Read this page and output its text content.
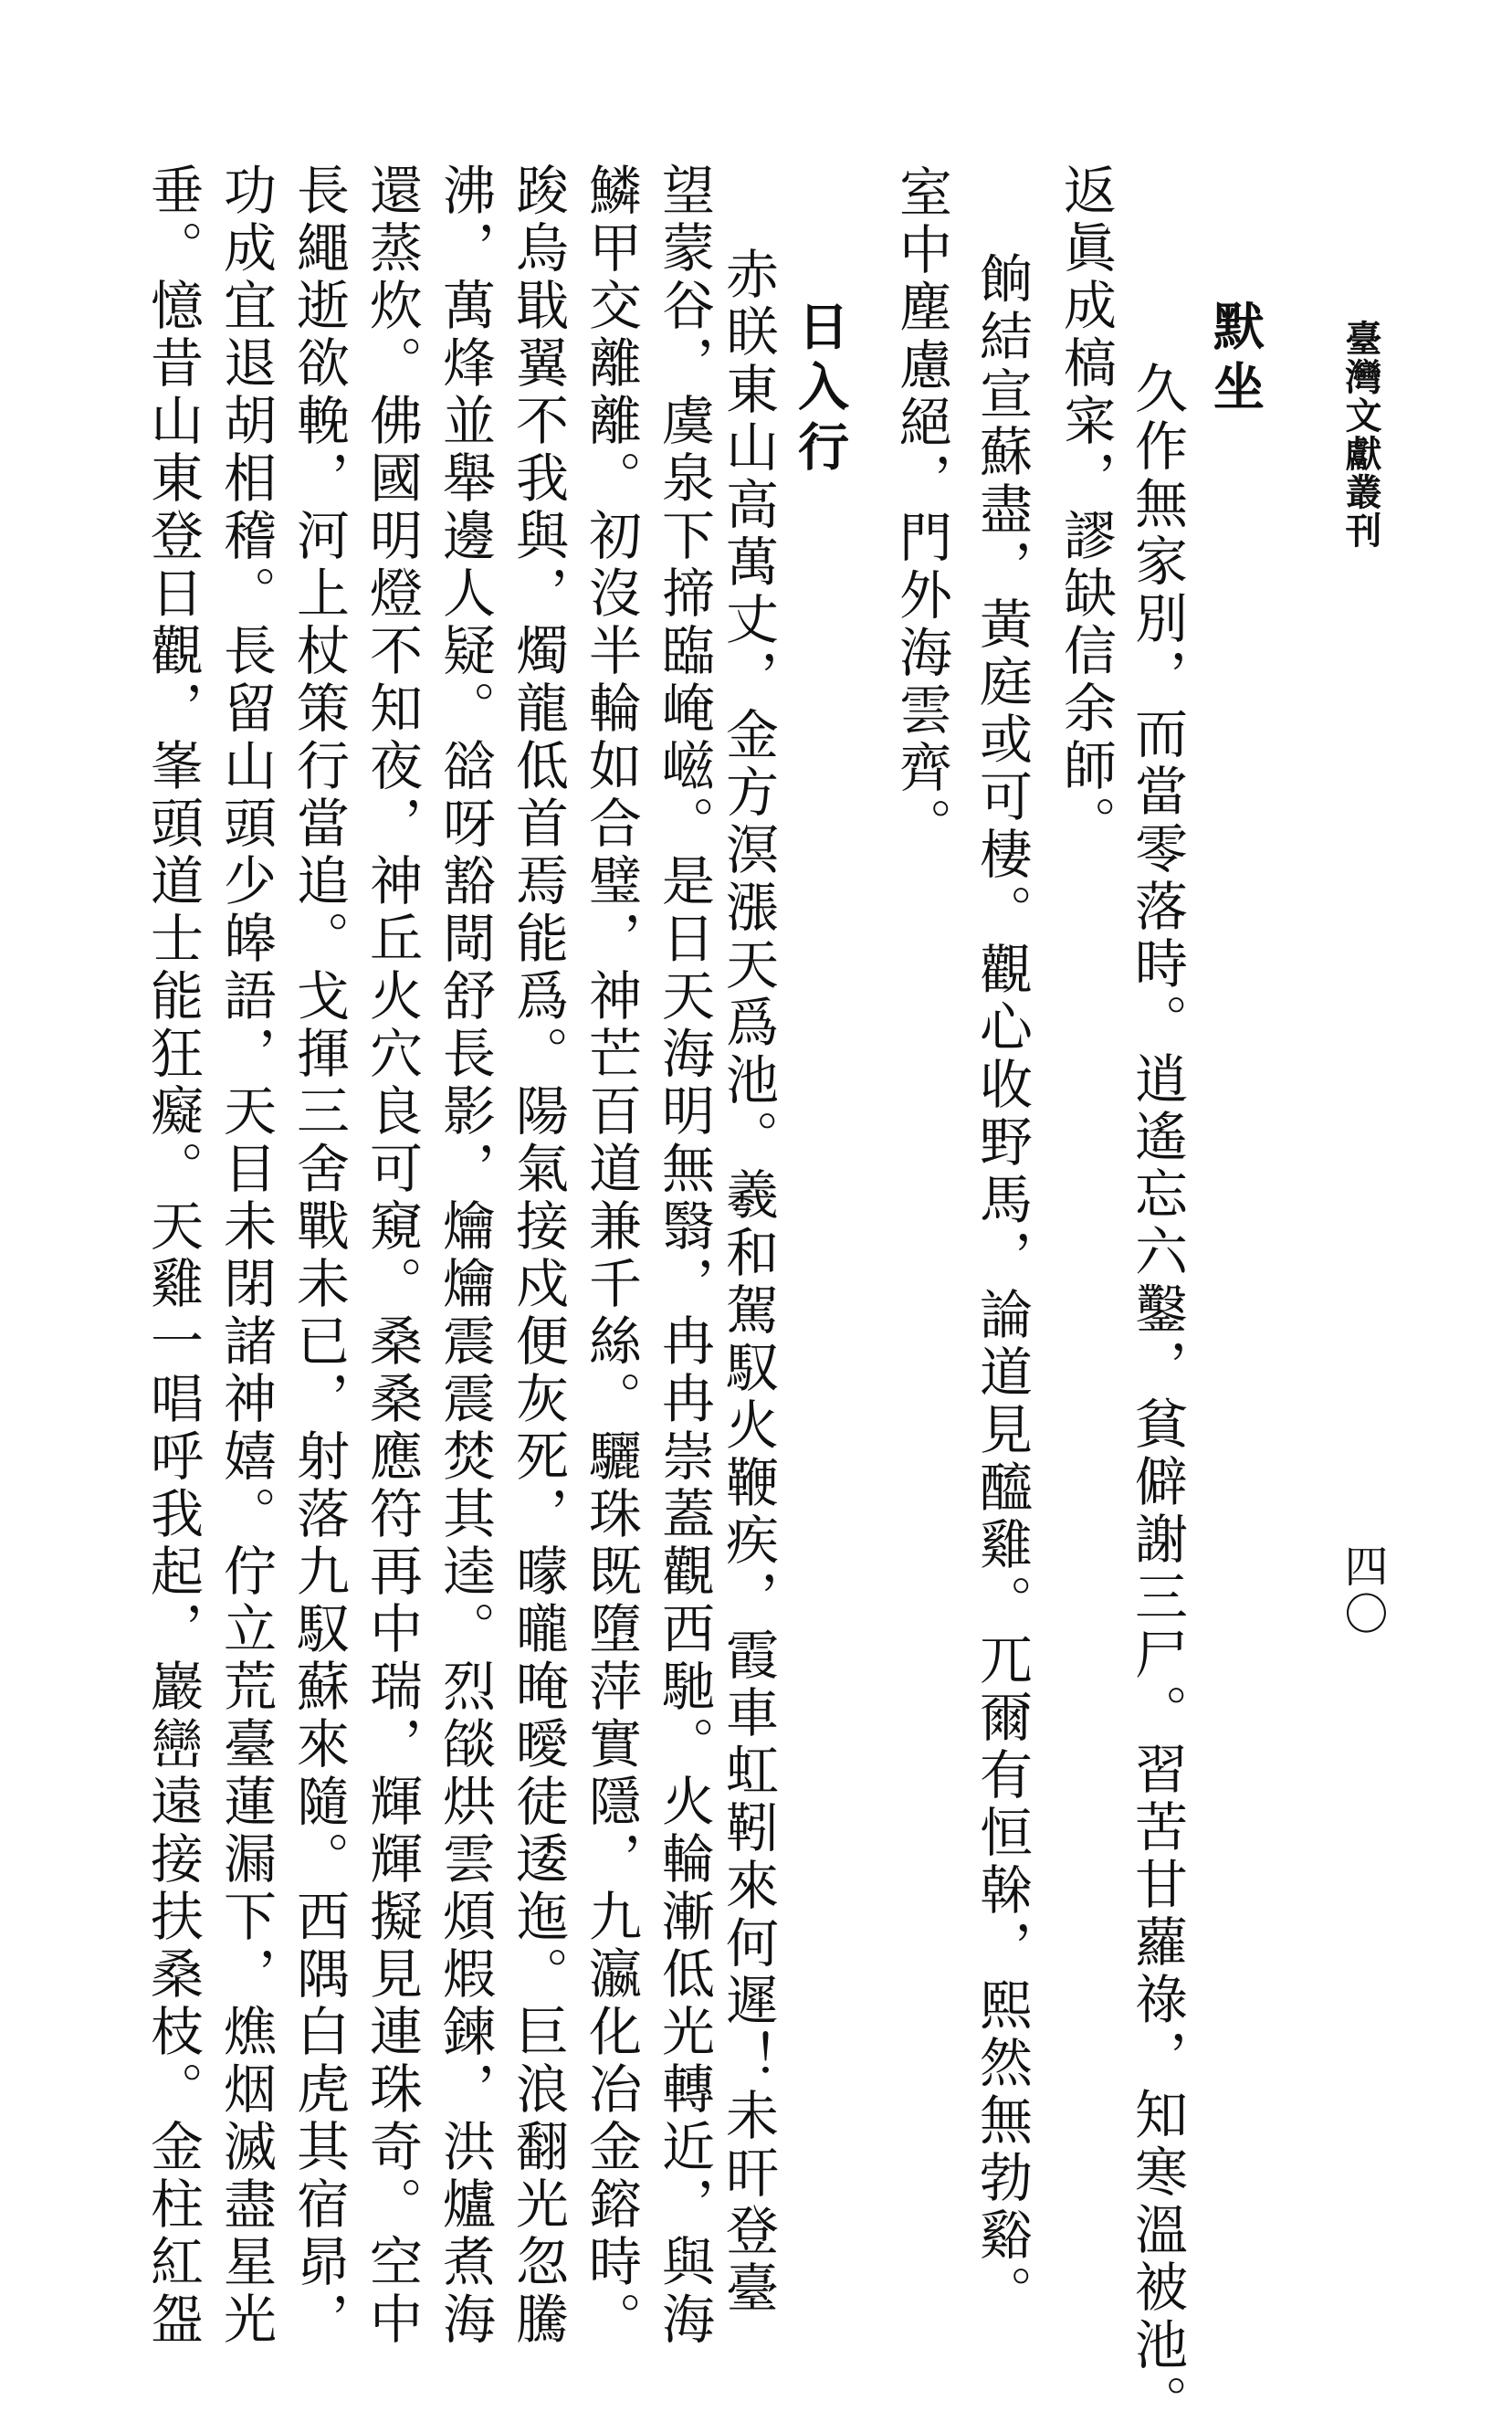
臺灣文獻叢刊
四〇
默坐
久作無家別，而當零落時。逍遙忘六鑿，貧僻謝三尸。習苦甘蘿祿，知寒溫被池。
返眞成槁寀，謬缺信余師。
餉結宣蘇盡，黃庭或可棲。觀心收野馬，論道見醯雞。兀爾有恒榦，熙然無勃谿。
室中塵慮絕，門外海雲齊。
日入行
赤眹東山高萬丈，金方溟漲天爲池。羲和駕馭火鞭疾，霞車虹靷來何遲！未旰登臺
望蒙谷，虞泉下揥臨崦嵫。是日天海明無翳，冉冉崇蓋觀西馳。火輪漸低光轉近，與海
鱗甲交離離。初沒半輪如合璧，神芒百道兼千絲。驪珠既墮萍實隱，九瀛化冶金鎔時。
踆烏戢翼不我與，燭龍低首焉能爲。陽氣接戍便灰死，曚曨晻曖徒逶迤。巨浪翻光忽騰
沸，萬烽並舉邊人疑。谽呀豁閜舒長影，爚爚震震焚其逵。烈燄烘雲煩煆鍊，洪爐煮海
還蒸炊。佛國明燈不知夜，神丘火穴良可窺。桑桑應符再中瑞，輝輝擬見連珠奇。空中
長繩逝欲輓，河上杖策行當追。戈揮三舍戰未已，射落九馭蘇來隨。西隅白虎其宿昴，
功成宜退胡相稽。長留山頭少皞語，天目未閉諸神嬉。佇立荒臺蓮漏下，燋烟滅盡星光
垂。憶昔山東登日觀，峯頭道士能狂癡。天雞一唱呼我起，巖巒遠接扶桑枝。金柱紅盌
